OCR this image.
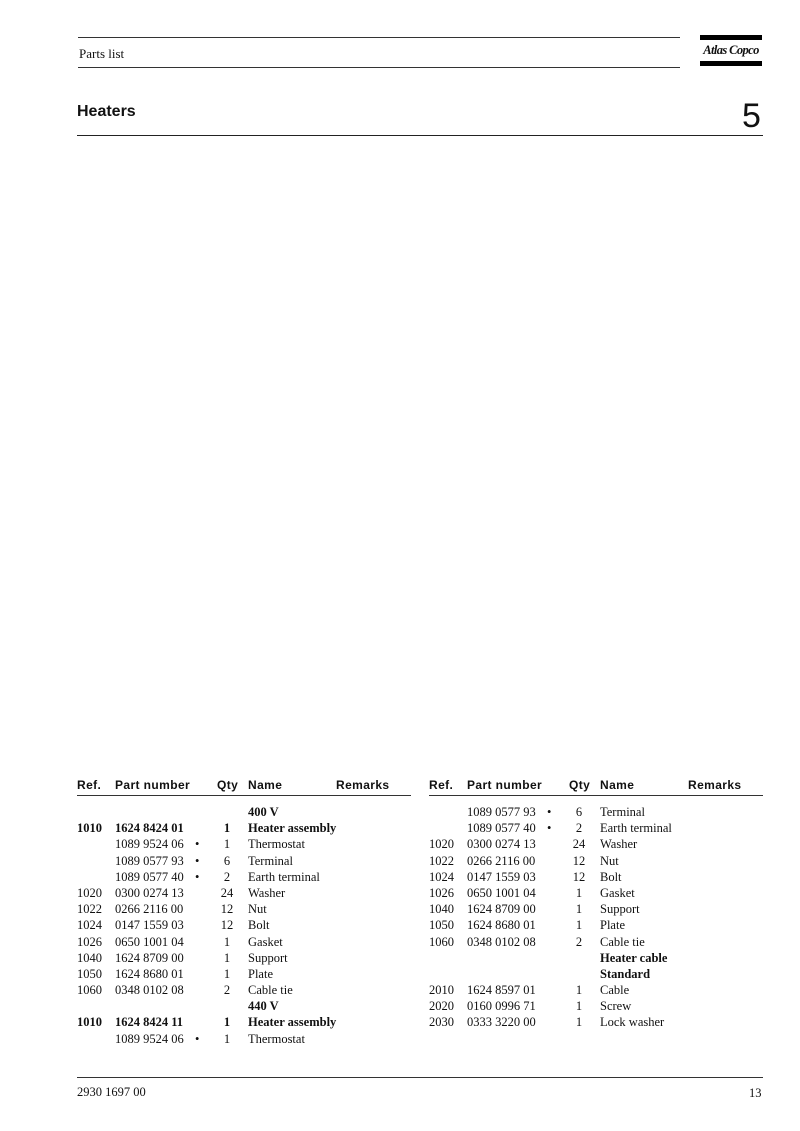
Parts list	Atlas Copco
Heaters	5
Ref. Part number Qty Name	Remarks
400 V
1010 1624 8424 01	1	Heater assembly
1089 9524 06 •	1	Thermostat
1089 0577 93 •	6	Terminal
1089 0577 40 •	2	Earth terminal
1020 0300 0274 13	24	Washer
1022 0266 2116 00	12	Nut
1024 0147 1559 03	12	Bolt
1026 0650 1001 04	1	Gasket
1040 1624 8709 00	1	Support
1050 1624 8680 01	1	Plate
1060 0348 0102 08	2	Cable tie
440 V
1010 1624 8424 11	1	Heater assembly
1089 9524 06 •	1	Thermostat
Ref. Part number Qty Name	Remarks
1089 0577 93 •	6	Terminal
1089 0577 40 •	2	Earth terminal
1020 0300 0274 13	24	Washer
1022 0266 2116 00	12	Nut
1024 0147 1559 03	12	Bolt
1026 0650 1001 04	1	Gasket
1040 1624 8709 00	1	Support
1050 1624 8680 01	1	Plate
1060 0348 0102 08	2	Cable tie
Heater cable
Standard
2010 1624 8597 01	1	Cable
2020 0160 0996 71	1	Screw
2030 0333 3220 00	1	Lock washer
2930 1697 00	13
